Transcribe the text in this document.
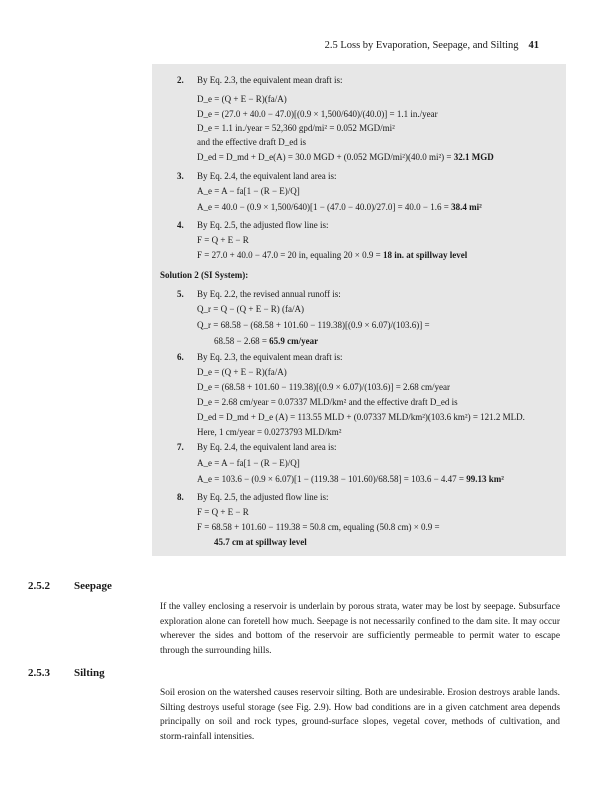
2.5 Loss by Evaporation, Seepage, and Silting 41
2. By Eq. 2.3, the equivalent mean draft is:
D_e = (Q + E − R)(fa/A)
D_e = (27.0 + 40.0 − 47.0)[(0.9 × 1,500/640)/(40.0)] = 1.1 in./year
D_e = 1.1 in./year = 52,360 gpd/mi² = 0.052 MGD/mi²
and the effective draft D_ed is
D_ed = D_md + D_e(A) = 30.0 MGD + (0.052 MGD/mi²)(40.0 mi²) = 32.1 MGD
3. By Eq. 2.4, the equivalent land area is:
A_e = A − fa[1 − (R − E)/Q]
A_e = 40.0 − (0.9 × 1,500/640)[1 − (47.0 − 40.0)/27.0] = 40.0 − 1.6 = 38.4 mi²
4. By Eq. 2.5, the adjusted flow line is:
F = Q + E − R
F = 27.0 + 40.0 − 47.0 = 20 in, equaling 20 × 0.9 = 18 in. at spillway level
Solution 2 (SI System):
5. By Eq. 2.2, the revised annual runoff is:
Q_r = Q − (Q + E − R) (fa/A)
Q_r = 68.58 − (68.58 + 101.60 − 119.38)[(0.9 × 6.07)/(103.6)] =
68.58 − 2.68 = 65.9 cm/year
6. By Eq. 2.3, the equivalent mean draft is:
D_e = (Q + E − R)(fa/A)
D_e = (68.58 + 101.60 − 119.38)[(0.9 × 6.07)/(103.6)] = 2.68 cm/year
D_e = 2.68 cm/year = 0.07337 MLD/km² and the effective draft D_ed is
D_ed = D_md + D_e (A) = 113.55 MLD + (0.07337 MLD/km²)(103.6 km²) = 121.2 MLD.
Here, 1 cm/year = 0.0273793 MLD/km²
7. By Eq. 2.4, the equivalent land area is:
A_e = A − fa[1 − (R − E)/Q]
A_e = 103.6 − (0.9 × 6.07)[1 − (119.38 − 101.60)/68.58] = 103.6 − 4.47 = 99.13 km²
8. By Eq. 2.5, the adjusted flow line is:
F = Q + E − R
F = 68.58 + 101.60 − 119.38 = 50.8 cm, equaling (50.8 cm) × 0.9 =
45.7 cm at spillway level
2.5.2 Seepage

If the valley enclosing a reservoir is underlain by porous strata, water may be lost by seepage. Subsurface exploration alone can foretell how much. Seepage is not necessarily confined to the dam site. It may occur wherever the sides and bottom of the reservoir are sufficiently permeable to permit water to escape through the surrounding hills.

2.5.3 Silting

Soil erosion on the watershed causes reservoir silting. Both are undesirable. Erosion destroys arable lands. Silting destroys useful storage (see Fig. 2.9). How bad conditions are in a given catchment area depends principally on soil and rock types, ground-surface slopes, vegetal cover, methods of cultivation, and storm-rainfall intensities.
